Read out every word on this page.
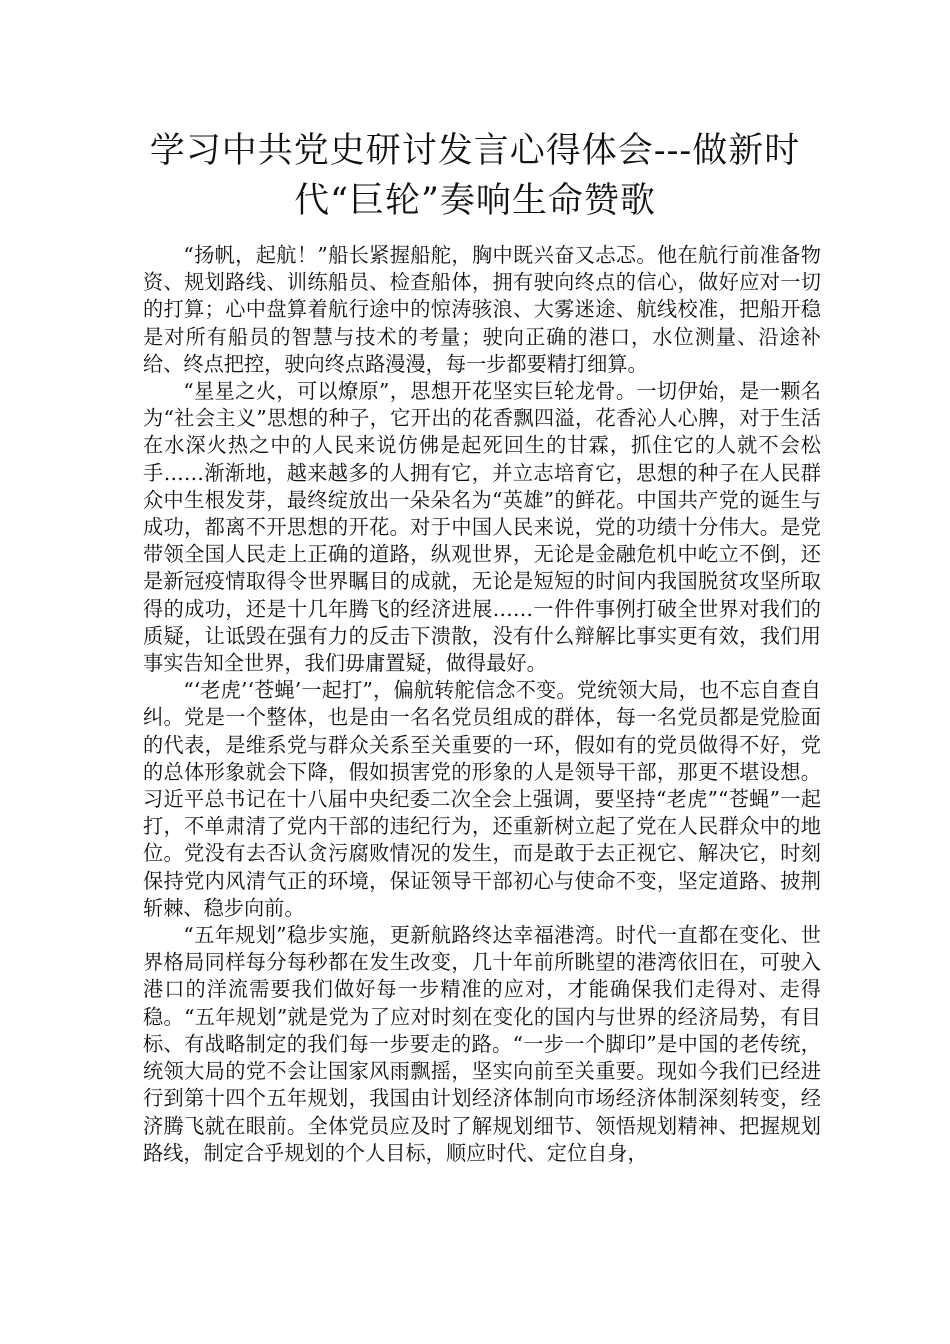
学习中共党史研讨发言心得体会---做新时代“巨轮”奏响生命赞歌

“扬帆，起航！”船长紧握船舵，胸中既兴奋又忐忑。他在航行前准备物资、规划路线、训练船员、检查船体，拥有驶向终点的信心，做好应对一切的打算；心中盘算着航行途中的惊涛骇浪、大雾迷途、航线校准，把船开稳是对所有船员的智慧与技术的考量；驶向正确的港口，水位测量、沿途补给、终点把控，驶向终点路漫漫，每一步都要精打细算。

“星星之火，可以燎原”，思想开花坚实巨轮龙骨。一切伊始，是一颗名为“社会主义”思想的种子，它开出的花香飘四溢，花香沁人心脾，对于生活在水深火热之中的人民来说仿佛是起死回生的甘霖，抓住它的人就不会松手……渐渐地，越来越多的人拥有它，并立志培育它，思想的种子在人民群众中生根发芽，最终绽放出一朵朵名为“英雄”的鲜花。中国共产党的诞生与成功，都离不开思想的开花。对于中国人民来说，党的功绩十分伟大。是党带领全国人民走上正确的道路，纵观世界，无论是金融危机中屹立不倒，还是新冠疫情取得令世界瞩目的成就，无论是短短的时间内我国脱贫攻坚所取得的成功，还是十几年腾飞的经济进展……一件件事例打破全世界对我们的质疑，让诋毁在强有力的反击下溃散，没有什么辩解比事实更有效，我们用事实告知全世界，我们毋庸置疑，做得最好。

“‘老虎’‘苍蝇’一起打”，偏航转舵信念不变。党统领大局，也不忘自查自纠。党是一个整体，也是由一名名党员组成的群体，每一名党员都是党脸面的代表，是维系党与群众关系至关重要的一环，假如有的党员做得不好，党的总体形象就会下降，假如损害党的形象的人是领导干部，那更不堪设想。习近平总书记在十八届中央纪委二次全会上强调，要坚持“老虎”“苍蝇”一起打，不单肃清了党内干部的违纪行为，还重新树立起了党在人民群众中的地位。党没有去否认贪污腐败情况的发生，而是敢于去正视它、解决它，时刻保持党内风清气正的环境，保证领导干部初心与使命不变，坚定道路、披荆斩棘、稳步向前。

“五年规划”稳步实施，更新航路终达幸福港湾。时代一直都在变化、世界格局同样每分每秒都在发生改变，几十年前所眺望的港湾依旧在，可驶入港口的洋流需要我们做好每一步精准的应对，才能确保我们走得对、走得稳。“五年规划”就是党为了应对时刻在变化的国内与世界的经济局势，有目标、有战略制定的我们每一步要走的路。“一步一个脚印”是中国的老传统，统领大局的党不会让国家风雨飘摇，坚实向前至关重要。现如今我们已经进行到第十四个五年规划，我国由计划经济体制向市场经济体制深刻转变，经济腾飞就在眼前。全体党员应及时了解规划细节、领悟规划精神、把握规划路线，制定合乎规划的个人目标，顺应时代、定位自身，
